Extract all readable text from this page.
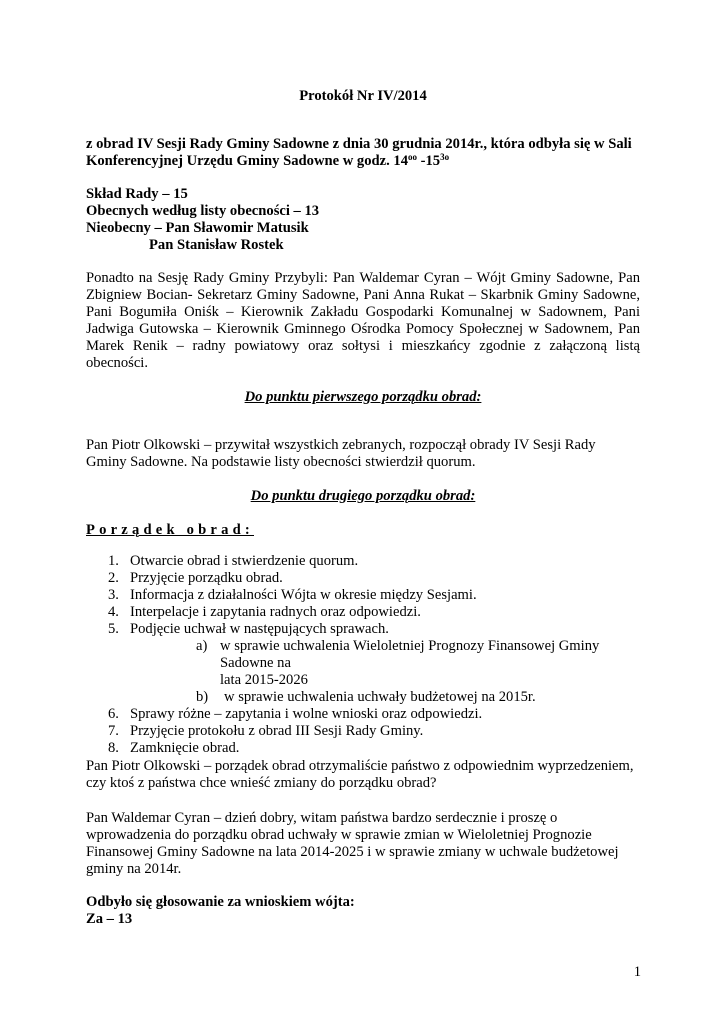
Protokół Nr IV/2014

z obrad IV Sesji Rady Gminy Sadowne z dnia 30 grudnia 2014r., która odbyła się w Sali
Konferencyjnej Urzędu Gminy Sadowne w godz. $14^{oo}$ $-15^{3o}$
Skład Rady – 15
Obecnych według listy obecności – 13
Nieobecny – Pan Sławomir Matusik
Pan Stanisław Rostek

Ponadto na Sesję Rady Gminy Przybyli: Pan Waldemar Cyran – Wójt Gminy Sadowne, Pan Zbigniew Bocian- Sekretarz Gminy Sadowne, Pani Anna Rukat – Skarbnik Gminy Sadowne, Pani Bogumiła Oniśk – Kierownik Zakładu Gospodarki Komunalnej w Sadownem, Pani Jadwiga Gutowska – Kierownik Gminnego Ośrodka Pomocy Społecznej w Sadownem, Pan Marek Renik – radny powiatowy oraz sołtysi i mieszkańcy zgodnie z załączoną listą obecności.

Do punktu pierwszego porządku obrad:

Pan Piotr Olkowski – przywitał wszystkich zebranych, rozpoczął obrady IV Sesji Rady
Gminy Sadowne. Na podstawie listy obecności stwierdził quorum.

Do punktu drugiego porządku obrad:

Porządek obrad:

1. Otwarcie obrad i stwierdzenie quorum.
2. Przyjęcie porządku obrad.
3. Informacja z działalności Wójta w okresie między Sesjami.
4. Interpelacje i zapytania radnych oraz odpowiedzi.
5. Podjęcie uchwał w następujących sprawach.
a) w sprawie uchwalenia Wieloletniej Prognozy Finansowej Gminy Sadowne na
lata 2015-2026
b) w sprawie uchwalenia uchwały budżetowej na 2015r.
6. Sprawy różne – zapytania i wolne wnioski oraz odpowiedzi.
7. Przyjęcie protokołu z obrad III Sesji Rady Gminy.
8. Zamknięcie obrad.
Pan Piotr Olkowski – porządek obrad otrzymaliście państwo z odpowiednim wyprzedzeniem,
czy ktoś z państwa chce wnieść zmiany do porządku obrad?
Pan Waldemar Cyran – dzień dobry, witam państwa bardzo serdecznie i proszę o
wprowadzenia do porządku obrad uchwały w sprawie zmian w Wieloletniej Prognozie
Finansowej Gminy Sadowne na lata 2014-2025 i w sprawie zmiany w uchwale budżetowej
gminy na 2014r.
Odbyło się głosowanie za wnioskiem wójta:
Za – 13
1
